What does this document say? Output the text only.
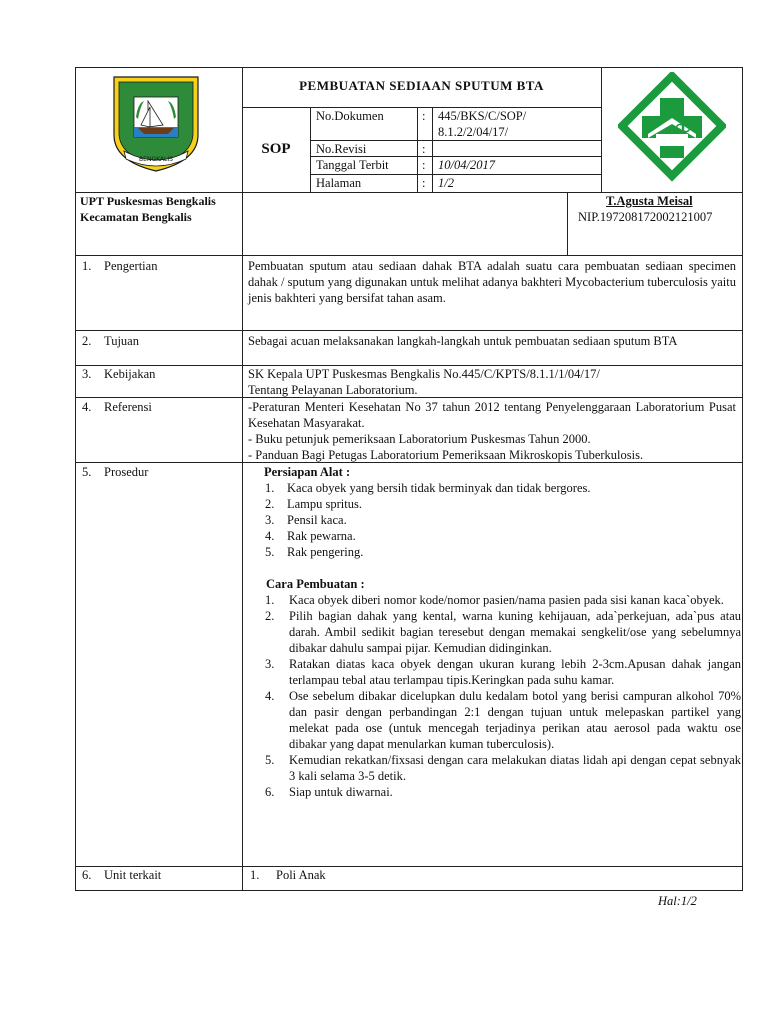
BENGKALIS
PEMBUATAN SEDIAAN SPUTUM BTA
SOP
No.Dokumen	: 445/BKS/C/SOP/ 8.1.2/2/04/17/
No.Revisi	:
Tanggal Terbit	: 10/04/2017
Halaman	: 1/2
UPT Puskesmas Bengkalis
Kecamatan Bengkalis
T.Agusta Meisal
NIP.197208172002121007
1. Pengertian	Pembuatan sputum atau sediaan dahak BTA adalah suatu cara pembuatan sediaan specimen dahak / sputum yang digunakan untuk melihat adanya bakhteri Mycobacterium tuberculosis yaitu jenis bakhteri yang bersifat tahan asam.
2. Tujuan	Sebagai acuan melaksanakan langkah-langkah untuk pembuatan sediaan sputum BTA
3. Kebijakan	SK Kepala UPT Puskesmas Bengkalis No.445/C/KPTS/8.1.1/1/04/17/
Tentang Pelayanan Laboratorium.
4. Referensi	-Peraturan Menteri Kesehatan No 37 tahun 2012 tentang Penyelenggaraan Laboratorium Pusat Kesehatan Masyarakat.
- Buku petunjuk pemeriksaan Laboratorium Puskesmas Tahun 2000.
- Panduan Bagi Petugas Laboratorium Pemeriksaan Mikroskopis Tuberkulosis.
5. Prosedur	Persiapan Alat :
1. Kaca obyek yang bersih tidak berminyak dan tidak bergores.
2. Lampu spritus.
3. Pensil kaca.
4. Rak pewarna.
5. Rak pengering.
Cara Pembuatan :
1. Kaca obyek diberi nomor kode/nomor pasien/nama pasien pada sisi kanan kaca`obyek.
2. Pilih bagian dahak yang kental, warna kuning kehijauan, ada`perkejuan, ada`pus atau darah. Ambil sedikit bagian teresebut dengan memakai sengkelit/ose yang sebelumnya dibakar dahulu sampai pijar. Kemudian didinginkan.
3. Ratakan diatas kaca obyek dengan ukuran kurang lebih 2-3cm.Apusan dahak jangan terlampau tebal atau terlampau tipis.Keringkan pada suhu kamar.
4. Ose sebelum dibakar dicelupkan dulu kedalam botol yang berisi campuran alkohol 70% dan pasir dengan perbandingan 2:1 dengan tujuan untuk melepaskan partikel yang melekat pada ose (untuk mencegah terjadinya perikan atau aerosol pada waktu ose dibakar yang dapat menularkan kuman tuberculosis).
5. Kemudian rekatkan/fixsasi dengan cara melakukan diatas lidah api dengan cepat sebnyak 3 kali selama 3-5 detik.
6. Siap untuk diwarnai.
6. Unit terkait	1. Poli Anak
Hal:1/2
